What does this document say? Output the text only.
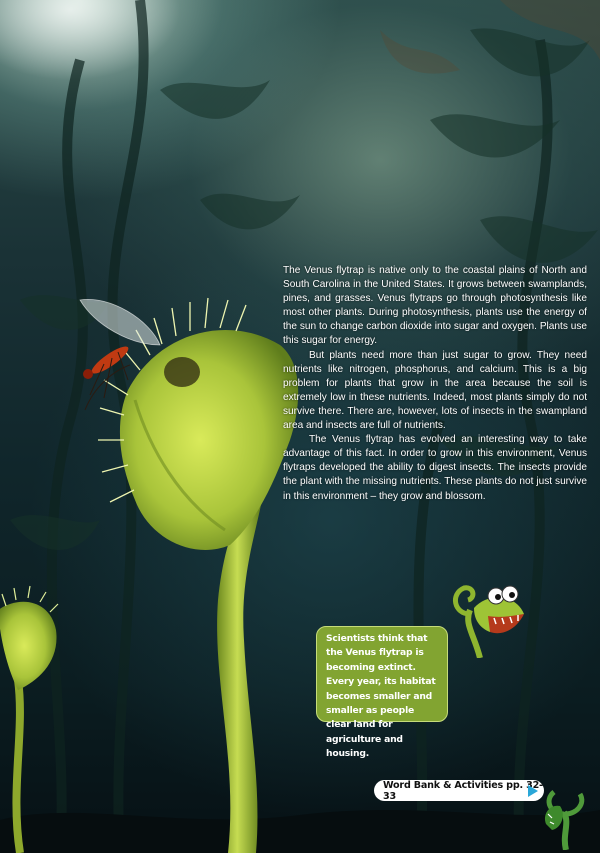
The Venus flytrap is native only to the coastal plains of North and South Carolina in the United States. It grows between swamplands, pines, and grasses. Venus flytraps go through photosynthesis like most other plants. During photosynthesis, plants use the energy of the sun to change carbon dioxide into sugar and oxygen. Plants use this sugar for energy.

But plants need more than just sugar to grow. They need nutrients like nitrogen, phosphorus, and calcium. This is a big problem for plants that grow in the area because the soil is extremely low in these nutrients. Indeed, most plants simply do not survive there. There are, however, lots of insects in the swampland area and insects are full of nutrients.

The Venus flytrap has evolved an interesting way to take advantage of this fact. In order to grow in this environment, Venus flytraps developed the ability to digest insects. The insects provide the plant with the missing nutrients. These plants do not just survive in this environment – they grow and blossom.

Scientists think that the Venus flytrap is becoming extinct. Every year, its habitat becomes smaller and smaller as people clear land for agriculture and housing.

Word Bank & Activities pp. 32-33
